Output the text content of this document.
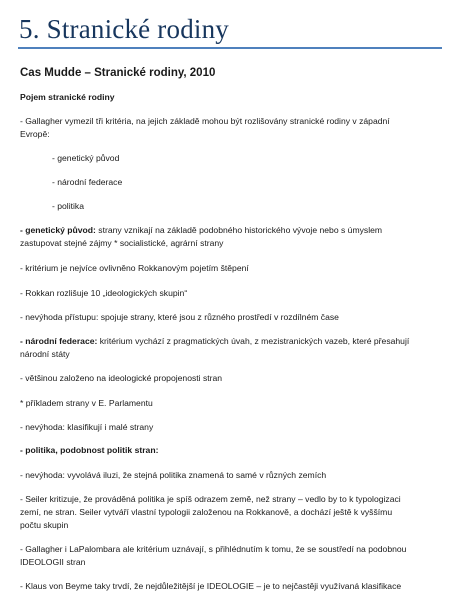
5. Stranické rodiny
Cas Mudde – Stranické rodiny, 2010
Pojem stranické rodiny
- Gallagher vymezil tři kritéria, na jejich základě mohou být rozlišovány stranické rodiny v západní
Evropě:
- genetický původ
- národní federace
- politika
- genetický původ: strany vznikají na základě podobného historického vývoje nebo s úmyslem
zastupovat stejné zájmy * socialistické, agrární strany
- kritérium je nejvíce ovlivněno Rokkanovým pojetím štěpení
- Rokkan rozlišuje 10 „ideologických skupin“
- nevýhoda přístupu: spojuje strany, které jsou z různého prostředí v rozdílném čase
- národní federace: kritérium vychází z pragmatických úvah, z mezistranických vazeb, které přesahují
národní státy
- většinou založeno na ideologické propojenosti stran
* příkladem strany v E. Parlamentu
- nevýhoda: klasifikují i malé strany
- politika, podobnost politik stran:
- nevýhoda: vyvolává iluzi, že stejná politika znamená to samé v různých zemích
- Seiler kritizuje, že prováděná politika je spíš odrazem země, než strany – vedlo by to k typologizaci
zemí, ne stran. Seiler vytváří vlastní typologii založenou na Rokkanově, a dochází ještě k vyššímu
počtu skupin
- Gallagher i LaPalombara ale kritérium uznávají, s přihlédnutím k tomu, že se soustředí na podobnou
IDEOLOGII stran
- Klaus von Beyme taky trvdí, že nejdůležitější je IDEOLOGIE – je to nejčastěji využívaná klasifikace
